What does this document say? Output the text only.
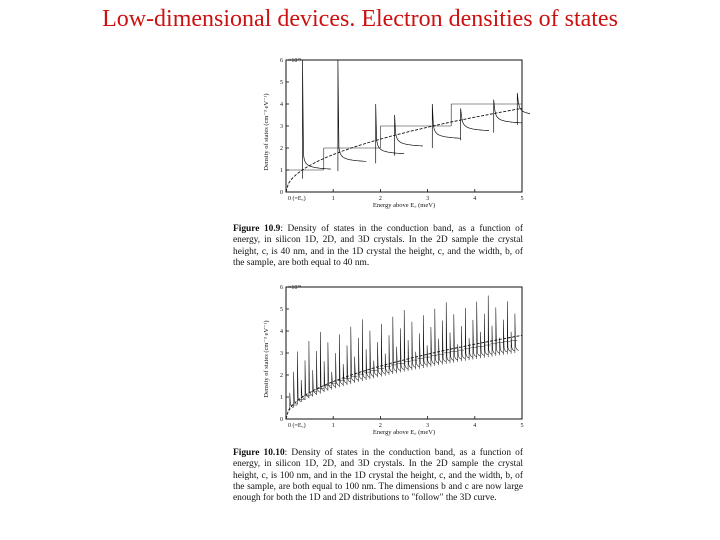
Low-dimensional devices. Electron densities of states
×10¹⁹
0
1
2
3
4
5
6
0 (=E꜀)	1	2	3	4	5
Density of states (cm⁻³ eV⁻¹)
Energy above E꜀ (meV)
Figure 10.9: Density of states in the conduction band, as a function of energy, in silicon 1D, 2D, and 3D crystals. In the 2D sample the crystal height, c, is 40 nm, and in the 1D crystal the height, c, and the width, b, of the sample, are both equal to 40 nm.
×10¹⁹
0
1
2
3
4
5
6
0 (=E꜀)	1	2	3	4	5
Density of states (cm⁻³ eV⁻¹)
Energy above E꜀ (meV)
Figure 10.10: Density of states in the conduction band, as a function of energy, in silicon 1D, 2D, and 3D crystals. In the 2D sample the crystal height, c, is 100 nm, and in the 1D crystal the height, c, and the width, b, of the sample, are both equal to 100 nm. The dimensions b and c are now large enough for both the 1D and 2D distributions to "follow" the 3D curve.
